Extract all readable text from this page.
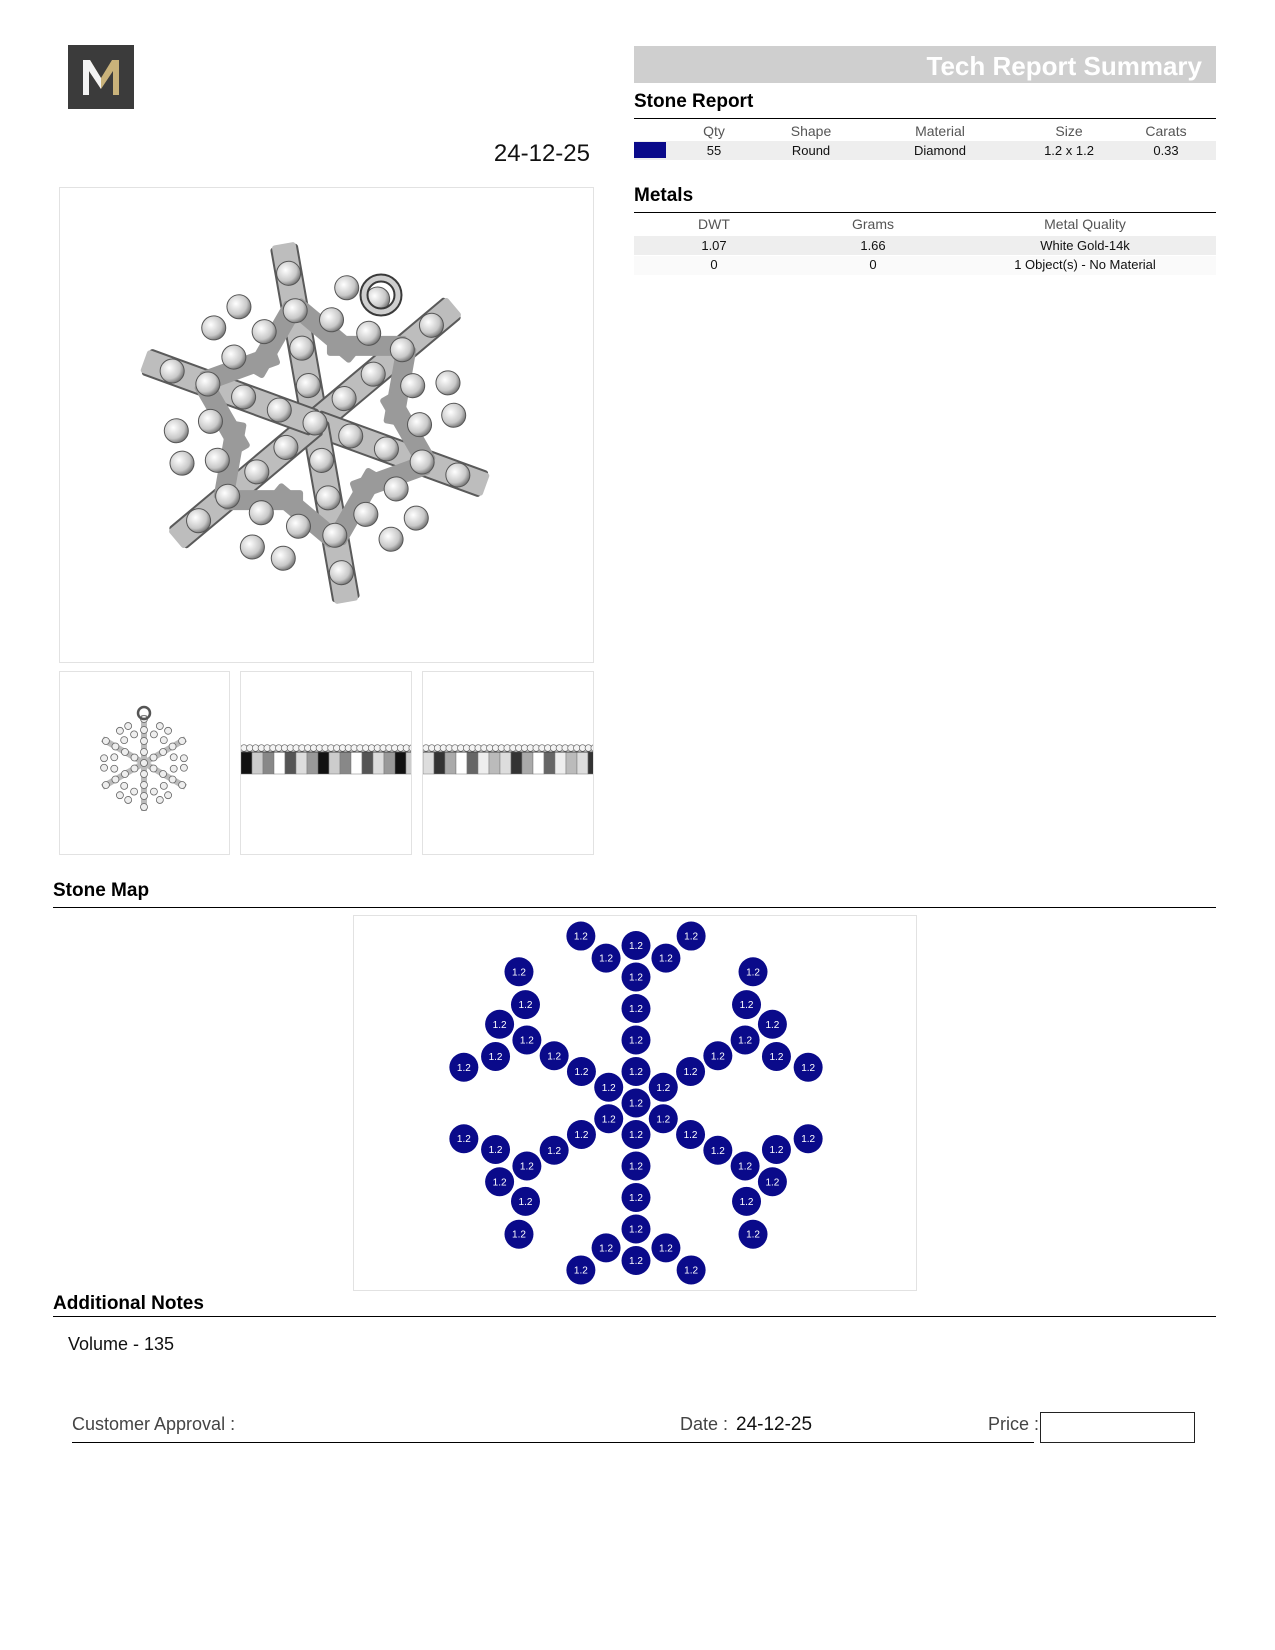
24-12-25
Tech Report Summary
Stone Report
Qty	Shape	Material	Size	Carats
55	Round	Diamond	1.2 x 1.2	0.33
Metals
DWT	Grams	Metal Quality
1.07	1.66	White Gold-14k
0	0	1 Object(s) - No Material
Stone Map
1.2
1.2
1.2
1.2
1.2
1.2
1.2
1.2
1.2
1.2
1.2
1.2
1.2
1.2
1.2
1.2
1.2
1.2
1.2
1.2
1.2
1.2
1.2
1.2
1.2
1.2
1.2
1.2
1.2
1.2
1.2
1.2
1.2
1.2	1.2
1.2	1.2
1.2
1.2
1.2
1.2
1.2
1.2
1.2
1.2
1.2
1.2
1.2
1.2
1.2
1.2
1.2
1.2
1.2
1.2
Additional Notes
Volume - 135
Customer Approval :	Date : 24-12-25	Price :
